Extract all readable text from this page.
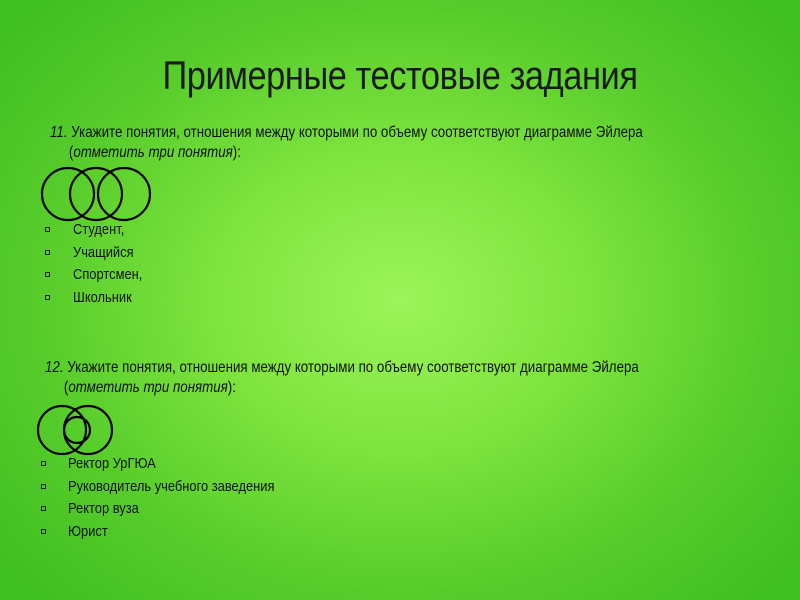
Примерные тестовые задания
11. Укажите понятия, отношения между которыми по объему соответствуют диаграмме Эйлера
(отметить три понятия):
Студент,
Учащийся
Спортсмен,
Школьник
12. Укажите понятия, отношения между которыми по объему соответствуют диаграмме Эйлера
(отметить три понятия):
Ректор УрГЮА
Руководитель учебного заведения
Ректор вуза
Юрист
